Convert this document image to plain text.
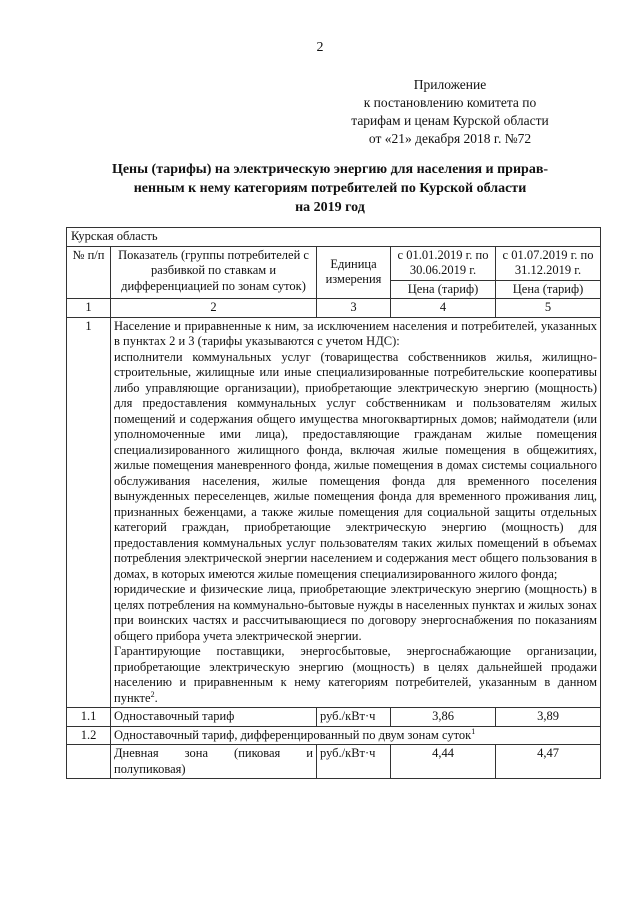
2
Приложение
к постановлению комитета по
тарифам и ценам Курской области
от «21» декабря 2018 г. №72
Цены (тарифы) на электрическую энергию для населения и прирав-
ненным к нему категориям потребителей по Курской области
на 2019 год
Курская область				
№ п/п	Показатель (группы потребителей с разбивкой по ставкам и дифференциацией по зонам суток)	Единица измерения	с 01.01.2019 г. по 30.06.2019 г.	с 01.07.2019 г. по 31.12.2019 г.
			Цена (тариф)	Цена (тариф)
1	2	3	4	5
1	Население и приравненные к ним, за исключением населения и потребителей, указанных в пунктах 2 и 3 (тарифы указываются с учетом НДС):

исполнители коммунальных услуг (товарищества собственников жилья, жилищно-строительные, жилищные или иные специализированные потребительские кооперативы либо управляющие организации), приобретающие электрическую энергию (мощность) для предоставления коммунальных услуг собственникам и пользователям жилых помещений и содержания общего имущества многоквартирных домов; наймодатели (или уполномоченные ими лица), предоставляющие гражданам жилые помещения специализированного жилищного фонда, включая жилые помещения в общежитиях, жилые помещения маневренного фонда, жилые помещения в домах системы социального обслуживания населения, жилые помещения фонда для временного поселения вынужденных переселенцев, жилые помещения фонда для временного проживания лиц, признанных беженцами, а также жилые помещения для социальной защиты отдельных категорий граждан, приобретающие электрическую энергию (мощность) для предоставления коммунальных услуг пользователям таких жилых помещений в объемах потребления электрической энергии населением и содержания мест общего пользования в домах, в которых имеются жилые помещения специализированного жилого фонда;

юридические и физические лица, приобретающие электрическую энергию (мощность) в целях потребления на коммунально-бытовые нужды в населенных пунктах и жилых зонах при воинских частях и рассчитывающиеся по договору энергоснабжения по показаниям общего прибора учета электрической энергии.

Гарантирующие поставщики, энергосбытовые, энергоснабжающие организации, приобретающие электрическую энергию (мощность) в целях дальнейшей продажи населению и приравненным к нему категориям потребителей, указанным в данном пункте$^2$.			

1.1	Одноставочный тариф	руб./кВт·ч	3,86	3,89
1.2	Одноставочный тариф, дифференцированный по двум зонам суток$^1$
	Дневная зона (пиковая и полупиковая)	руб./кВт·ч	4,44	4,47
